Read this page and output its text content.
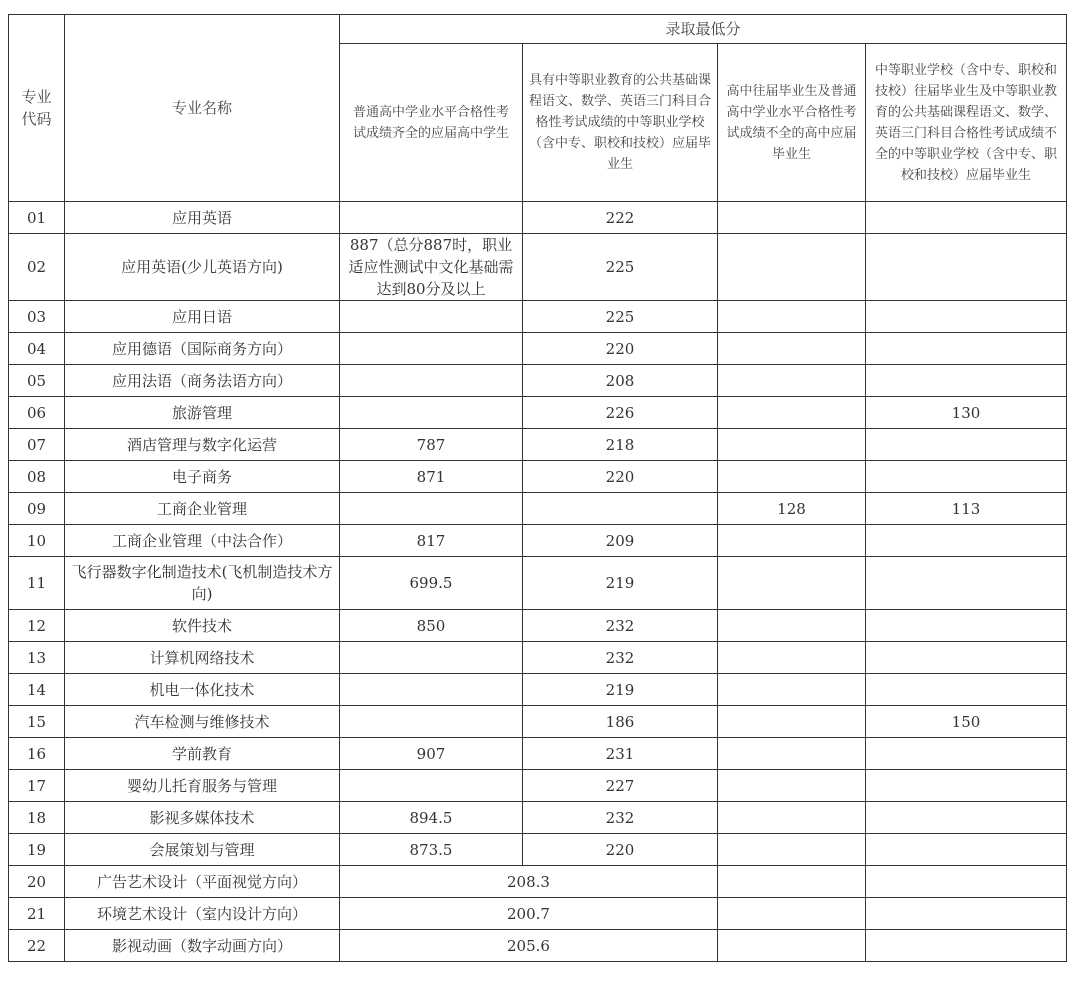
专业代码	专业名称	录取最低分			
		普通高中学业水平合格性考试成绩齐全的应届高中学生	具有中等职业教育的公共基础课程语文、数学、英语三门科目合格性考试成绩的中等职业学校（含中专、职校和技校）应届毕业生	高中往届毕业生及普通高中学业水平合格性考试成绩不全的高中应届毕业生	中等职业学校（含中专、职校和技校）往届毕业生及中等职业教育的公共基础课程语文、数学、英语三门科目合格性考试成绩不全的中等职业学校（含中专、职校和技校）应届毕业生
01	应用英语		222		
02	应用英语(少儿英语方向)	887（总分887时，职业适应性测试中文化基础需达到80分及以上	225		
03	应用日语		225		
04	应用德语（国际商务方向）		220		
05	应用法语（商务法语方向）		208		
06	旅游管理		226		130
07	酒店管理与数字化运营	787	218		
08	电子商务	871	220		
09	工商企业管理			128	113
10	工商企业管理（中法合作）	817	209		
11	飞行器数字化制造技术(飞机制造技术方向)	699.5	219		
12	软件技术	850	232		
13	计算机网络技术		232		
14	机电一体化技术		219		
15	汽车检测与维修技术		186		150
16	学前教育	907	231		
17	婴幼儿托育服务与管理		227		
18	影视多媒体技术	894.5	232		
19	会展策划与管理	873.5	220		
20	广告艺术设计（平面视觉方向）	208.3			
21	环境艺术设计（室内设计方向）	200.7			
22	影视动画（数字动画方向）	205.6			
